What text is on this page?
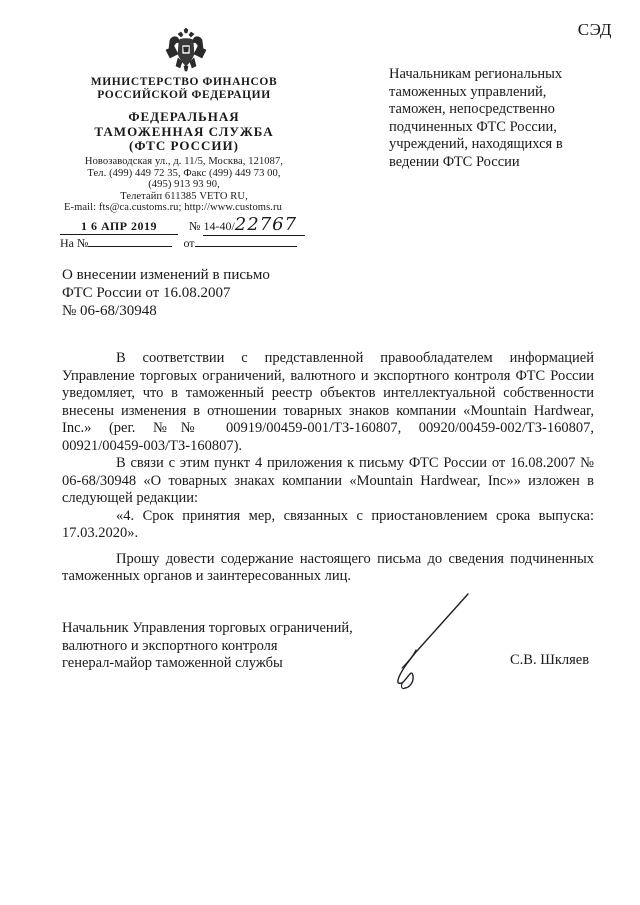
СЭД
МИНИСТЕРСТВО ФИНАНСОВ
РОССИЙСКОЙ ФЕДЕРАЦИИ
ФЕДЕРАЛЬНАЯ
ТАМОЖЕННАЯ СЛУЖБА
(ФТС РОССИИ)
Новозаводская ул., д. 11/5, Москва, 121087,
Тел. (499) 449 72 35, Факс (499) 449 73 00,
(495) 913 93 90,
Телетайп 611385 VETO RU,
E-mail: fts@ca.customs.ru; http://www.customs.ru
1 6 АПР 2019	№ 14-40/22767
На №	от
Начальникам региональных таможенных управлений, таможен, непосредственно подчиненных ФТС России, учреждений, находящихся в ведении ФТС России
О внесении изменений в письмо
ФТС России от 16.08.2007
№ 06-68/30948

В соответствии с представленной правообладателем информацией Управление торговых ограничений, валютного и экспортного контроля ФТС России уведомляет, что в таможенный реестр объектов интеллектуальной собственности внесены изменения в отношении товарных знаков компании «Mountain Hardwear, Inc.» (рег. №№ 00919/00459-001/ТЗ-160807, 00920/00459-002/ТЗ-160807, 00921/00459-003/ТЗ-160807).

В связи с этим пункт 4 приложения к письму ФТС России от 16.08.2007 № 06-68/30948 «О товарных знаках компании «Mountain Hardwear, Inc»» изложен в следующей редакции:

«4. Срок принятия мер, связанных с приостановлением срока выпуска: 17.03.2020».

Прошу довести содержание настоящего письма до сведения подчиненных таможенных органов и заинтересованных лиц.

Начальник Управления торговых ограничений,
валютного и экспортного контроля
генерал-майор таможенной службы	С.В. Шкляев
